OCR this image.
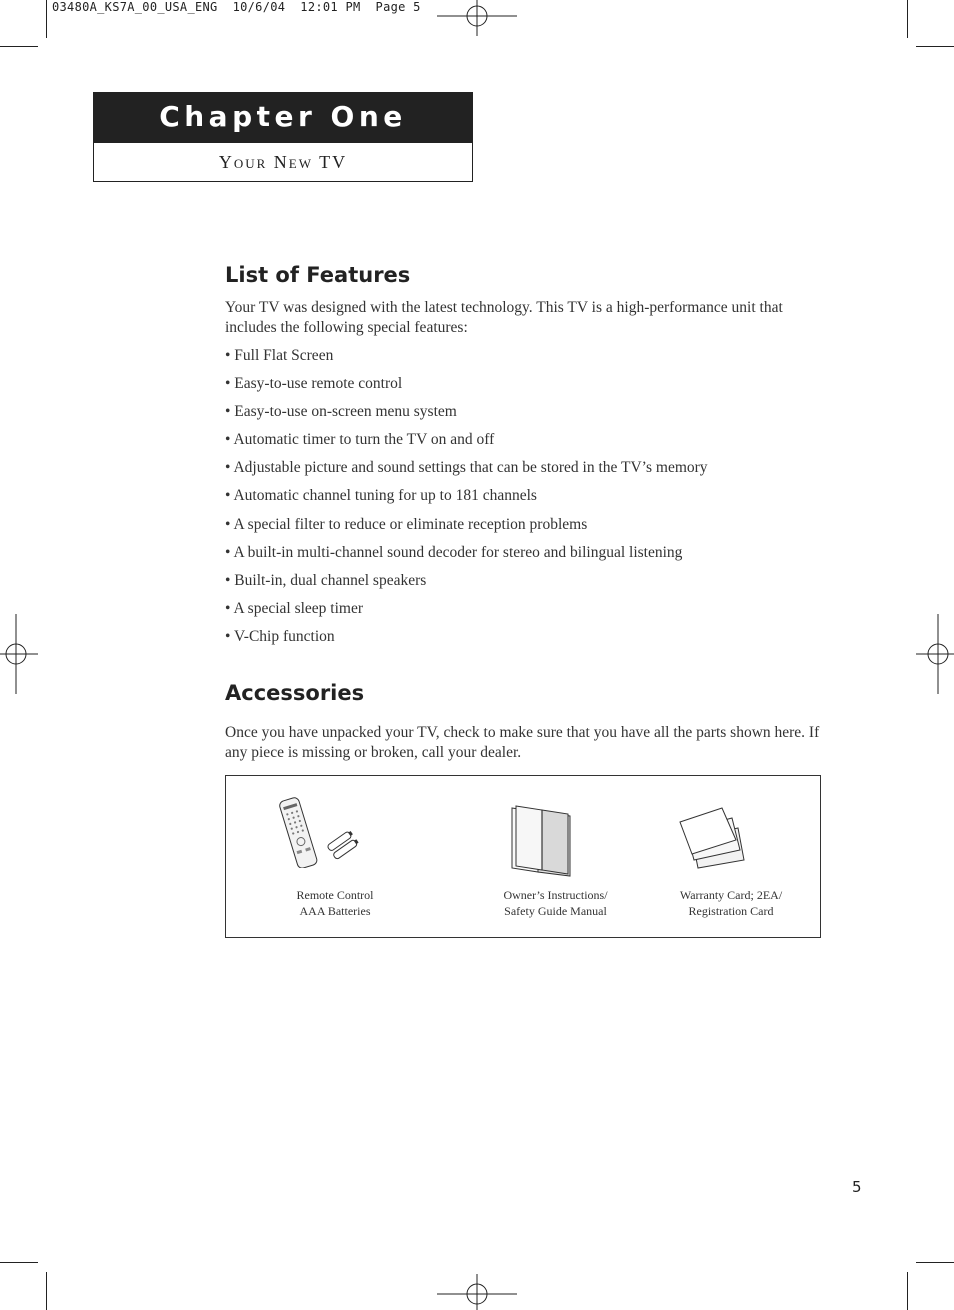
03480A_KS7A_00_USA_ENG  10/6/04  12:01 PM  Page 5
Chapter One
Your New TV
List of Features
Your TV was designed with the latest technology. This TV is a high-performance unit that includes the following special features:
• Full Flat Screen
• Easy-to-use remote control
• Easy-to-use on-screen menu system
• Automatic timer to turn the TV on and off
• Adjustable picture and sound settings that can be stored in the TV’s memory
• Automatic channel tuning for up to 181 channels
• A special filter to reduce or eliminate reception problems
• A built-in multi-channel sound decoder for stereo and bilingual listening
• Built-in, dual channel speakers
• A special sleep timer
• V-Chip function
Accessories
Once you have unpacked your TV, check to make sure that you have all the parts shown here. If any piece is missing or broken, call your dealer.
Remote Control
AAA Batteries
Owner’s Instructions/
Safety Guide Manual
Warranty Card; 2EA/
Registration Card
5
